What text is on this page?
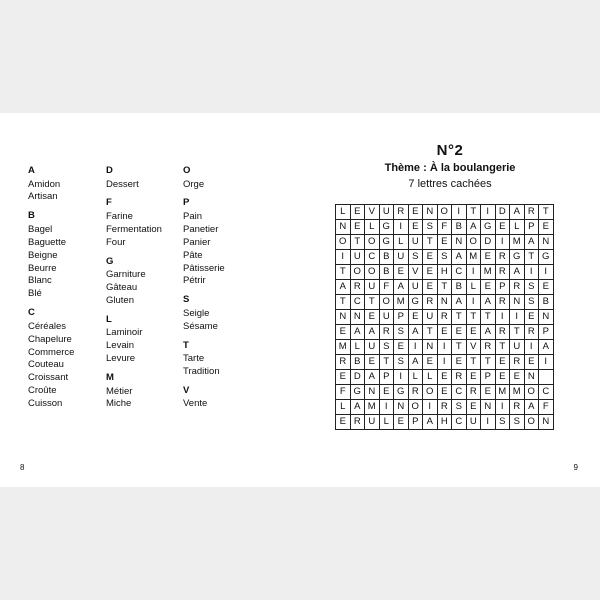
A
Amidon
Artisan
B
Bagel
Baguette
Beigne
Beurre
Blanc
Blé
C
Céréales
Chapelure
Commerce
Couteau
Croissant
Croûte
Cuisson
D
Dessert
F
Farine
Fermentation
Four
G
Garniture
Gâteau
Gluten
L
Laminoir
Levain
Levure
M
Métier
Miche
O
Orge
P
Pain
Panetier
Panier
Pâte
Pâtisserie
Pétrir
S
Seigle
Sésame
T
Tarte
Tradition
V
Vente
8
N°2
Thème : À la boulangerie
7 lettres cachées
L	E	V	U	R	E	N	O	I	T	I	D	A	R	T
N	E	L	G	I	E	S	F	B	A	G	E	L	P	E
O	T	O	G	L	U	T	E	N	O	D	I	M	A	N
I	U	C	B	U	S	E	S	A	M	E	R	G	T	G
T	O	O	B	E	V	E	H	C	I	M	R	A	I	I
A	R	U	F	A	U	E	T	B	L	E	P	R	S	E
T	C	T	O	M	G	R	N	A	I	A	R	N	S	B
N	N	E	U	P	E	U	R	T	T	T	I	I	E	N
E	A	A	R	S	A	T	E	E	E	A	R	T	R	P
M	L	U	S	E	I	N	I	T	V	R	T	U	I	A
R	B	E	T	S	A	E	I	E	T	T	E	R	E	I
E	D	A	P	I	L	L	E	R	E	P	E	E	N	
F	G	N	E	G	R	O	E	C	R	E	M	M	O	C
L	A	M	I	N	O	I	R	S	E	N	I	R	A	F
E	R	U	L	E	P	A	H	C	U	I	S	S	O	N
9
